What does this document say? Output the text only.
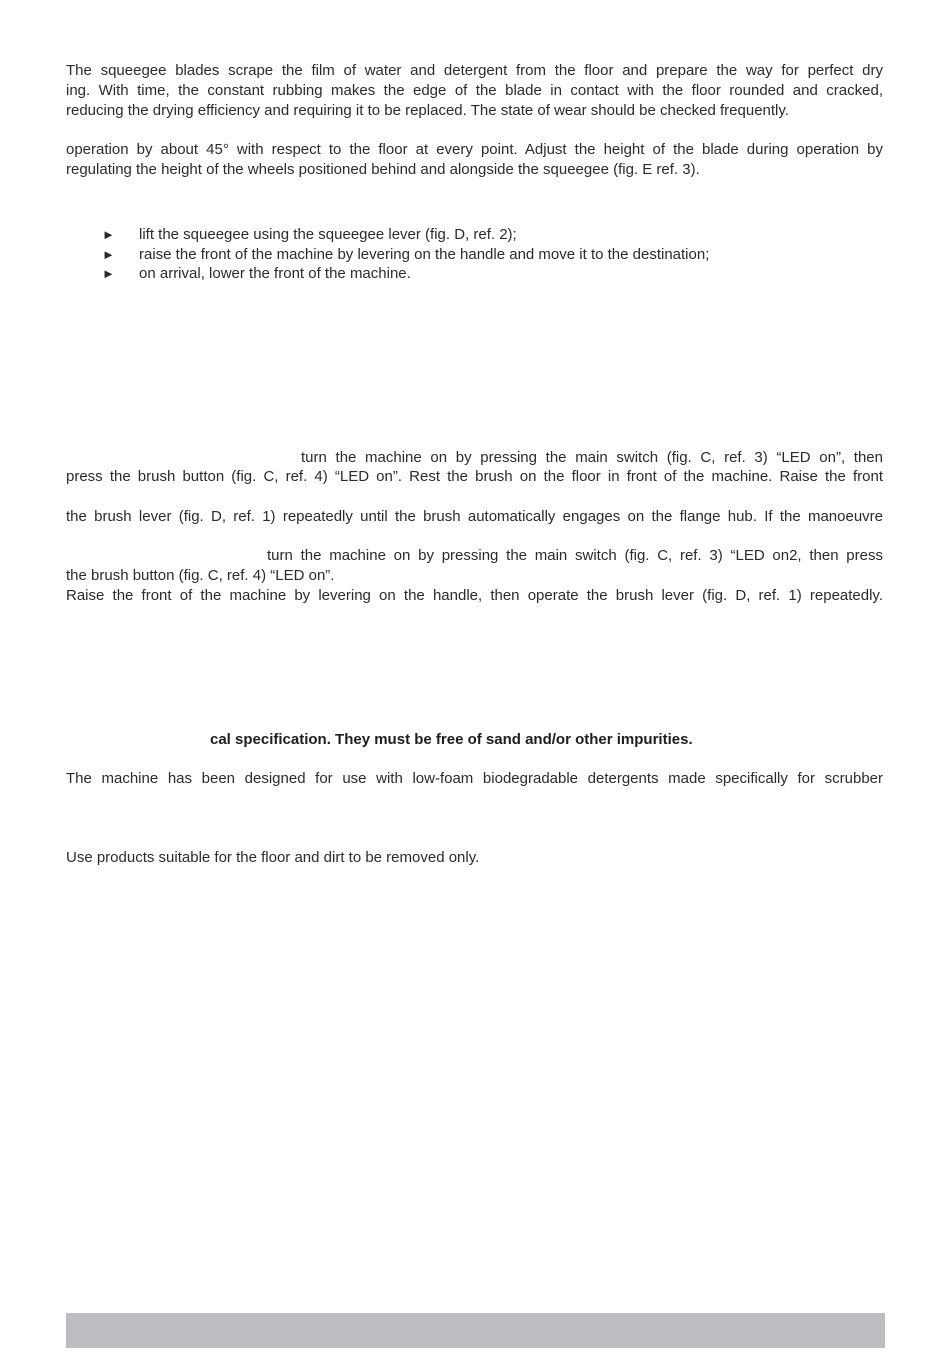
The squeegee blades scrape the film of water and detergent from the floor and prepare the way for perfect dry
ing. With time, the constant rubbing makes the edge of the blade in contact with the floor rounded and cracked,
reducing the drying efficiency and requiring it to be replaced. The state of wear should be checked frequently.
operation by about 45° with respect to the floor at every point. Adjust the height of the blade during operation by
regulating the height of the wheels positioned behind and alongside the squeegee (fig. E ref. 3).
► lift the squeegee using the squeegee lever (fig. D, ref. 2);
► raise the front of the machine by levering on the handle and move it to the destination;
► on arrival, lower the front of the machine.
turn the machine on by pressing the main switch (fig. C, ref. 3) “LED on”, then
press the brush button (fig. C, ref. 4) “LED on”. Rest the brush on the floor in front of the machine. Raise the front
the brush lever (fig. D, ref. 1) repeatedly until the brush automatically engages on the flange hub. If the manoeuvre
turn the machine on by pressing the main switch (fig. C, ref. 3) “LED on2, then press
the brush button (fig. C, ref. 4) “LED on”.
Raise the front of the machine by levering on the handle, then operate the brush lever (fig. D, ref. 1) repeatedly.
cal specification. They must be free of sand and/or other impurities.
The machine has been designed for use with low-foam biodegradable detergents made specifically for scrubber
Use products suitable for the floor and dirt to be removed only.
